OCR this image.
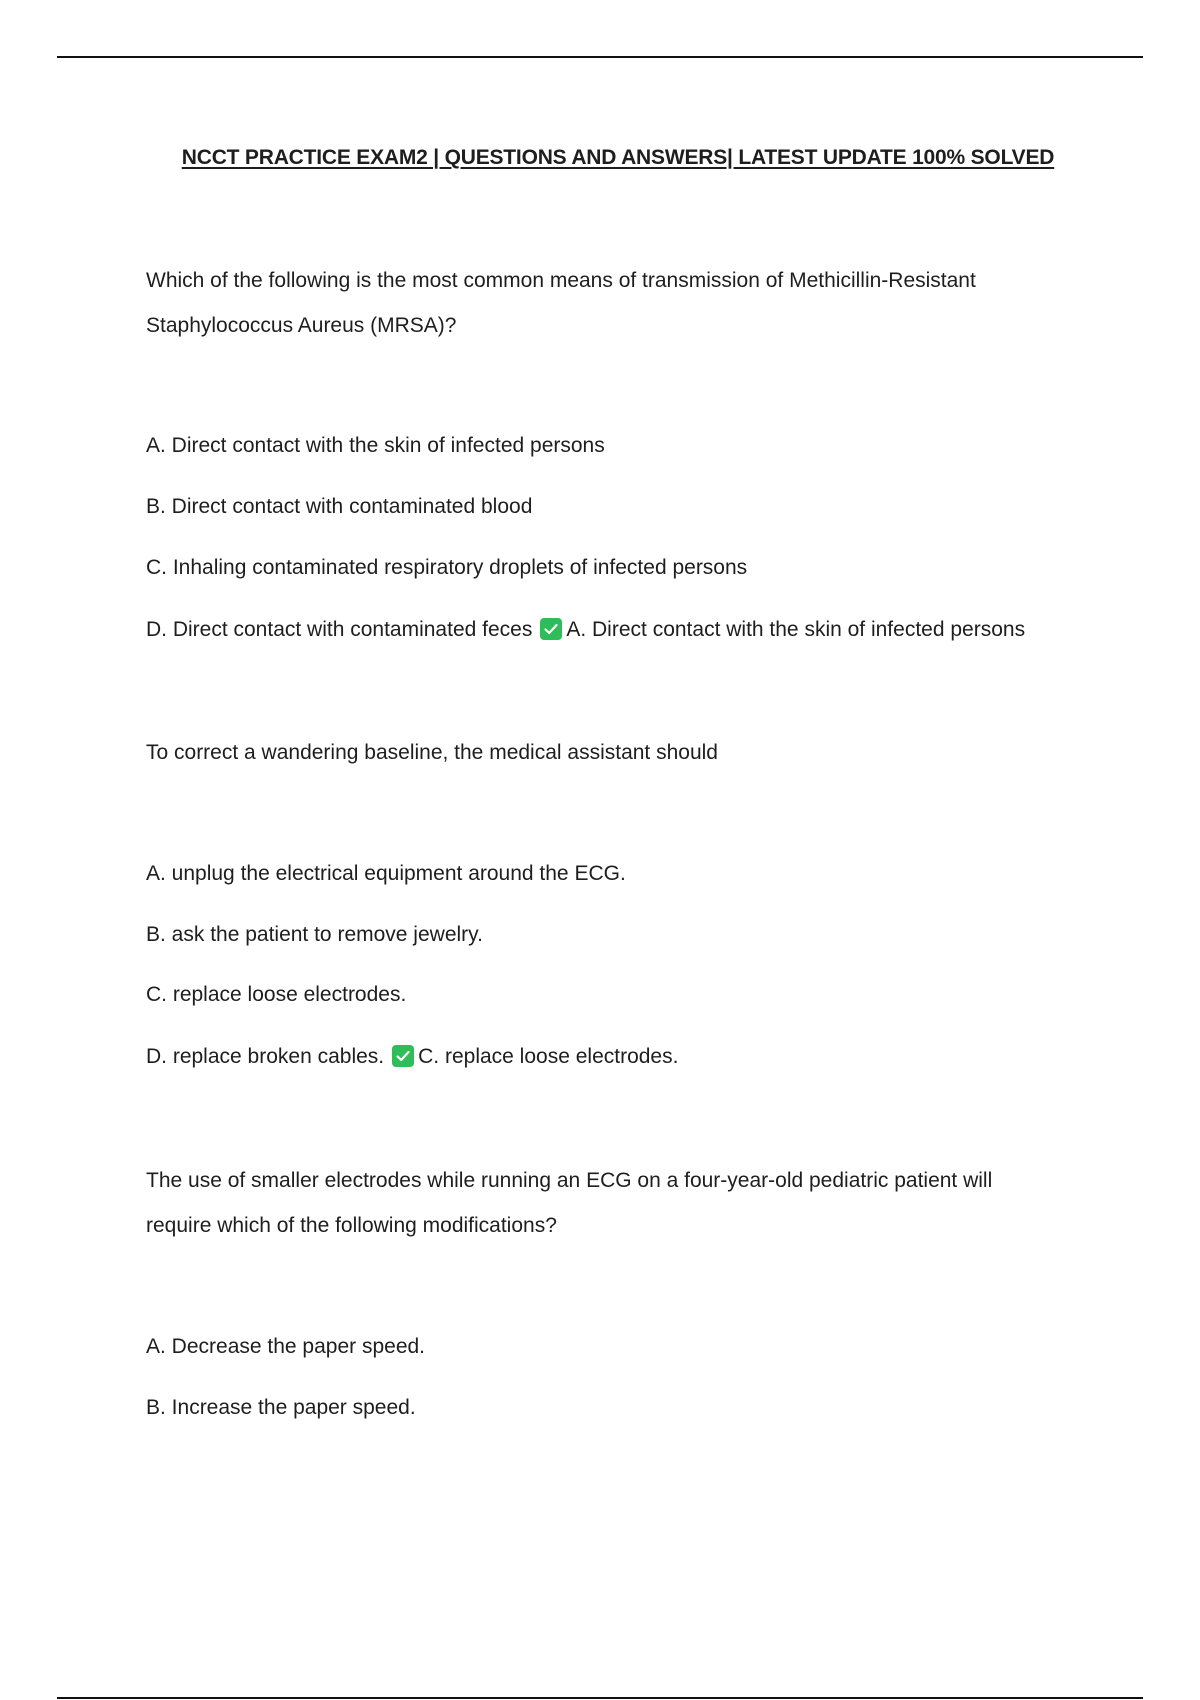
NCCT PRACTICE EXAM2 | QUESTIONS AND ANSWERS| LATEST UPDATE 100% SOLVED
Which of the following is the most common means of transmission of Methicillin-Resistant
Staphylococcus Aureus (MRSA)?
A. Direct contact with the skin of infected persons
B. Direct contact with contaminated blood
C. Inhaling contaminated respiratory droplets of infected persons
D. Direct contact with contaminated feces A. Direct contact with the skin of infected persons
To correct a wandering baseline, the medical assistant should
A. unplug the electrical equipment around the ECG.
B. ask the patient to remove jewelry.
C. replace loose electrodes.
D. replace broken cables. C. replace loose electrodes.
The use of smaller electrodes while running an ECG on a four-year-old pediatric patient will
require which of the following modifications?
A. Decrease the paper speed.
B. Increase the paper speed.
